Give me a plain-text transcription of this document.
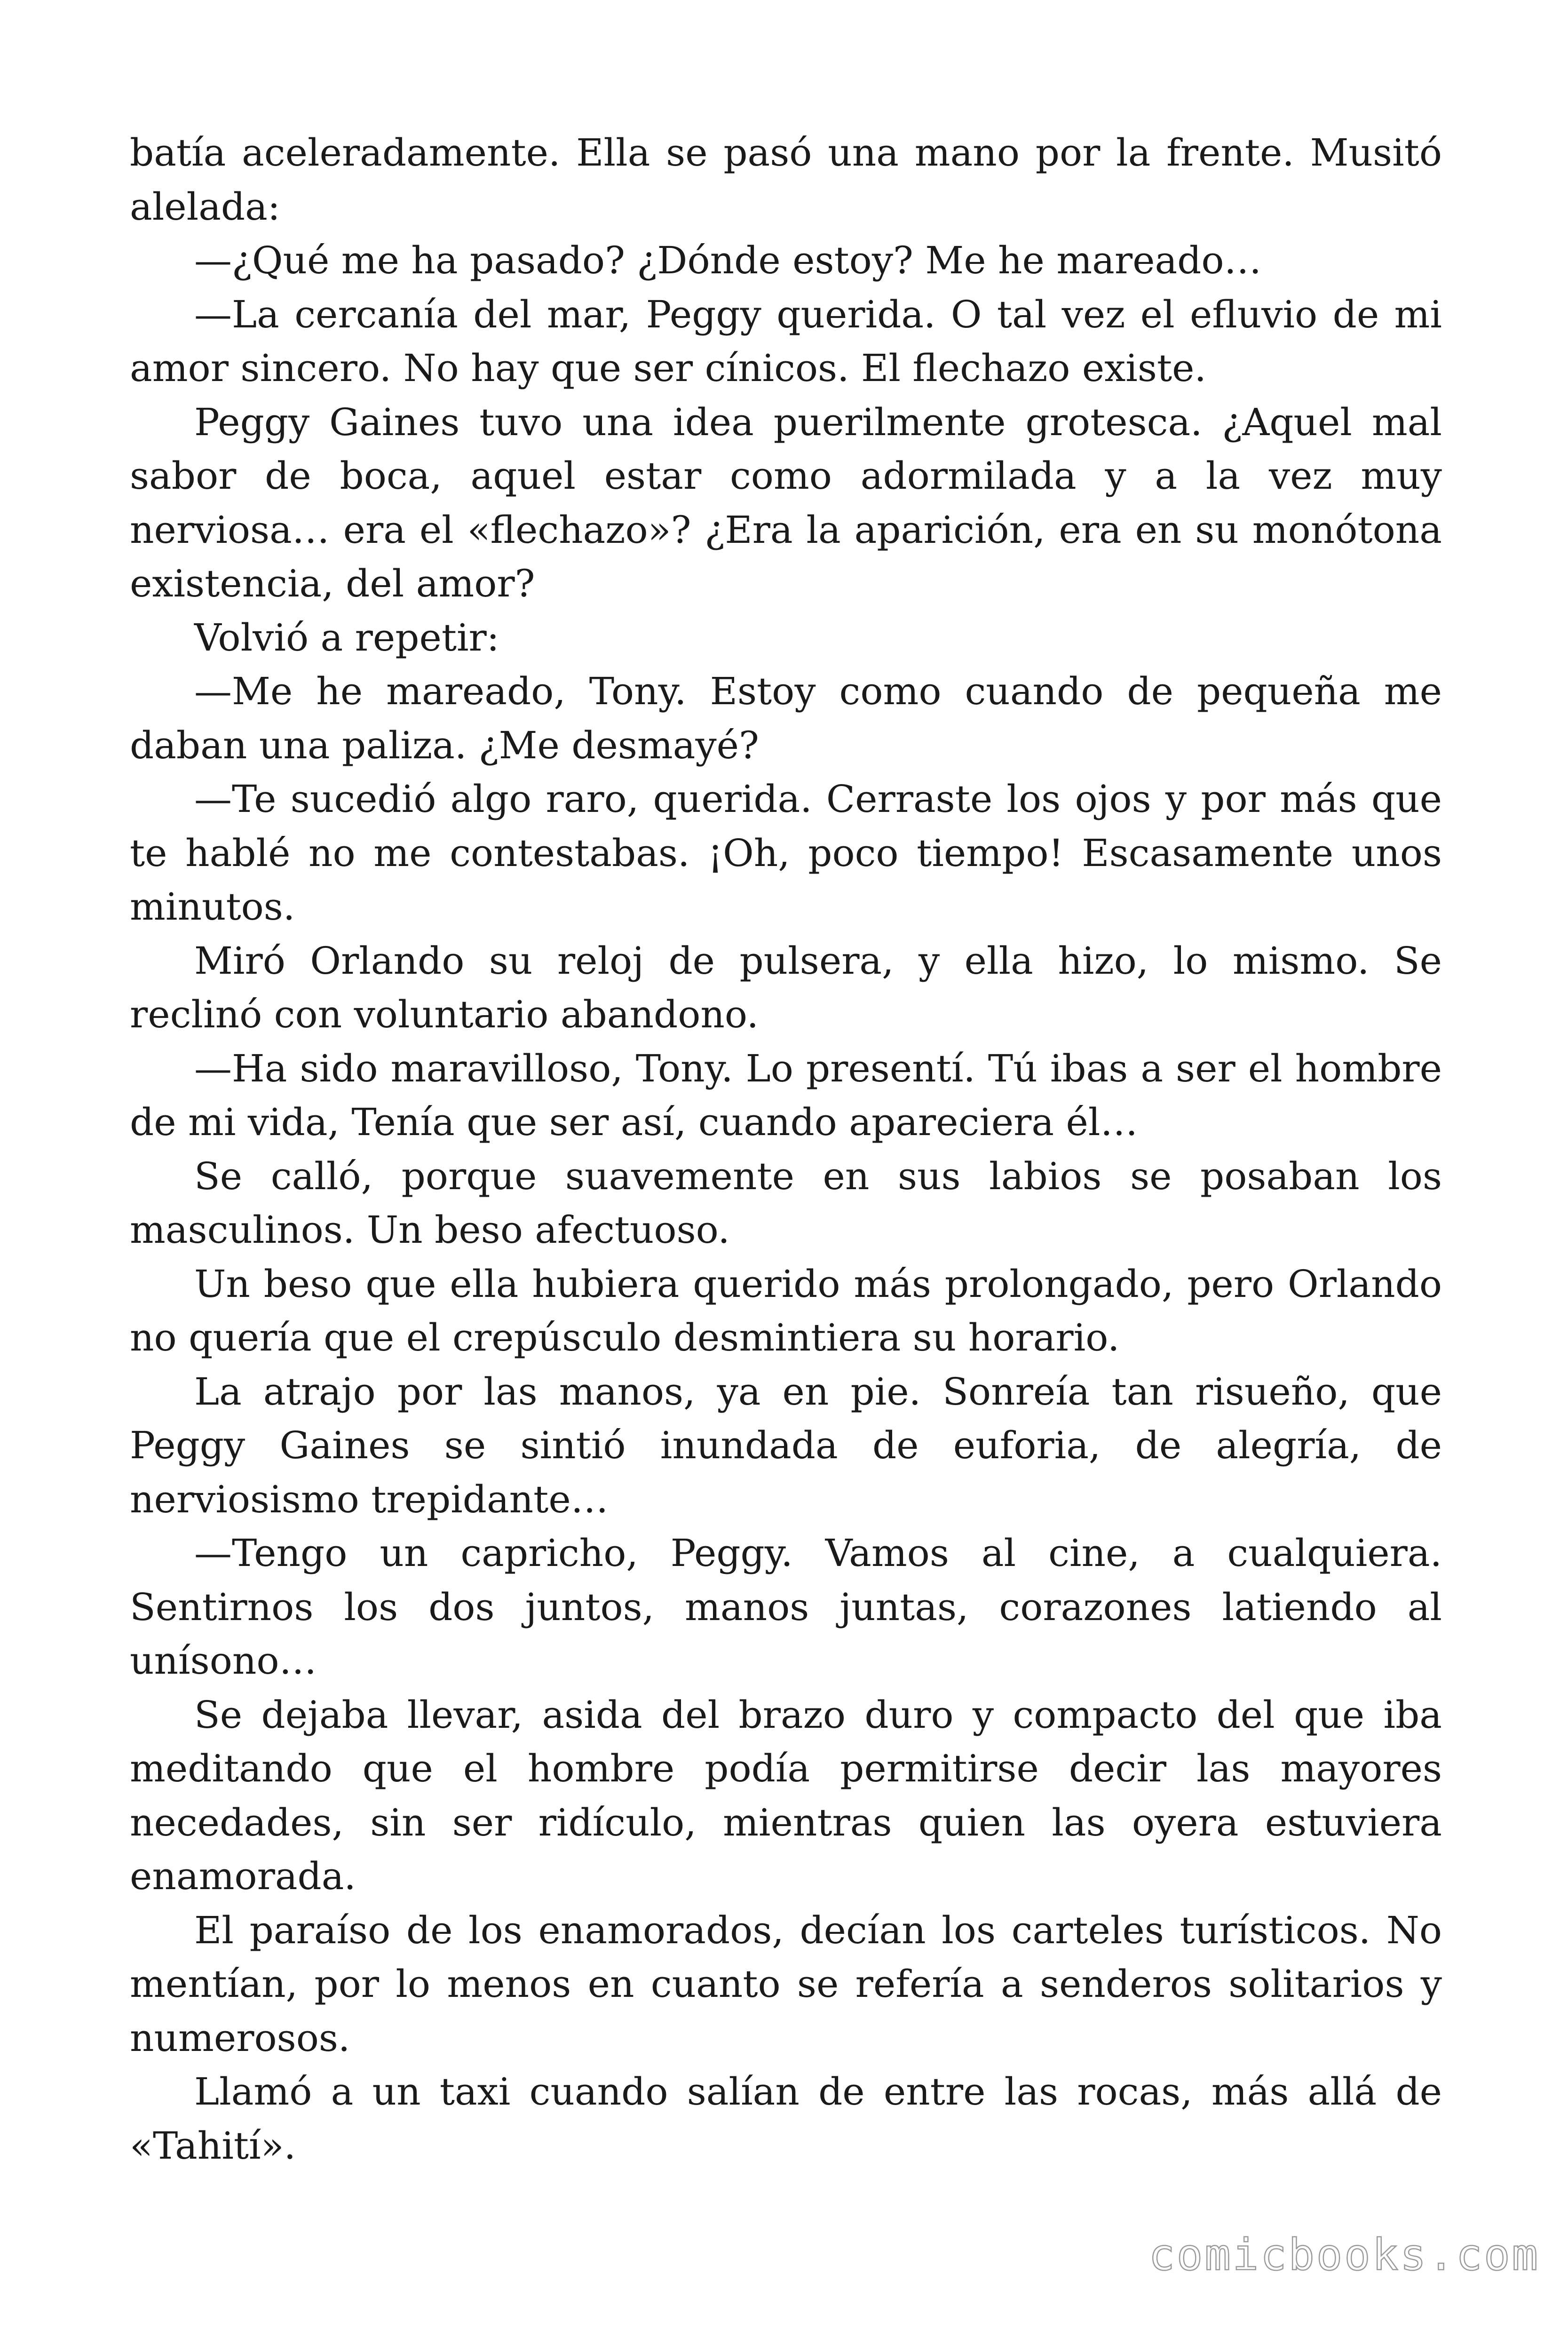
batía aceleradamente. Ella se pasó una mano por la frente. Musitó alelada:

—¿Qué me ha pasado? ¿Dónde estoy? Me he mareado…

—La cercanía del mar, Peggy querida. O tal vez el efluvio de mi amor sincero. No hay que ser cínicos. El flechazo existe.

Peggy Gaines tuvo una idea puerilmente grotesca. ¿Aquel mal sabor de boca, aquel estar como adormilada y a la vez muy nerviosa… era el «flechazo»? ¿Era la aparición, era en su monótona existencia, del amor?

Volvió a repetir:

—Me he mareado, Tony. Estoy como cuando de pequeña me daban una paliza. ¿Me desmayé?

—Te sucedió algo raro, querida. Cerraste los ojos y por más que te hablé no me contestabas. ¡Oh, poco tiempo! Escasamente unos minutos.

Miró Orlando su reloj de pulsera, y ella hizo, lo mismo. Se reclinó con voluntario abandono.

—Ha sido maravilloso, Tony. Lo presentí. Tú ibas a ser el hombre de mi vida, Tenía que ser así, cuando apareciera él…

Se calló, porque suavemente en sus labios se posaban los masculinos. Un beso afectuoso.

Un beso que ella hubiera querido más prolongado, pero Orlando no quería que el crepúsculo desmintiera su horario.

La atrajo por las manos, ya en pie. Sonreía tan risueño, que Peggy Gaines se sintió inundada de euforia, de alegría, de nerviosismo trepidante…

—Tengo un capricho, Peggy. Vamos al cine, a cualquiera. Sentirnos los dos juntos, manos juntas, corazones latiendo al unísono…

Se dejaba llevar, asida del brazo duro y compacto del que iba meditando que el hombre podía permitirse decir las mayores necedades, sin ser ridículo, mientras quien las oyera estuviera enamorada.

El paraíso de los enamorados, decían los carteles turísticos. No mentían, por lo menos en cuanto se refería a senderos solitarios y numerosos.

Llamó a un taxi cuando salían de entre las rocas, más allá de «Tahití».

comicbooks.com
